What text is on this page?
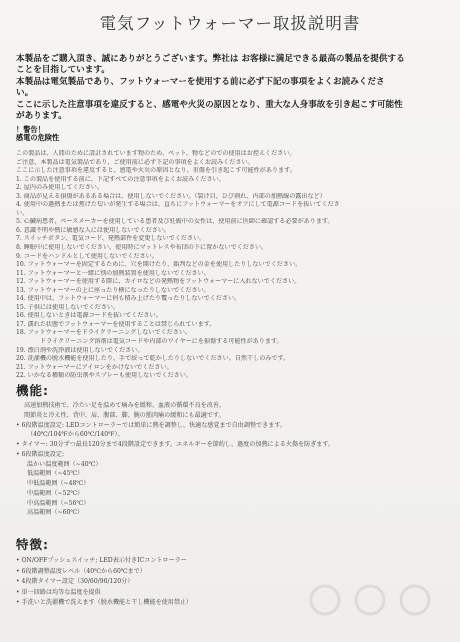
電気フットウォーマー取扱説明書

本製品をご購入頂き、誠にありがとうございます。弊社は お客様に満足できる最高の製品を提供する

ことを目指しています。

本製品は電気製品であり、フットウォーマーを使用する前に必ず下記の事項をよくお読みくださ

い。

ここに示した注意事項を違反すると、感電や火災の原因となり、重大な人身事故を引き起こす可能性

があります。

！警告！
感電の危険性
この製品は、人間のために設計されています物のため、ペット、物などのでの使用はお控えください。
ご注意、本製品は電気製品であり、ご使用前に必ず下記の事項をよくお読みください。
ここに示した注意事項を違反すると、感電や火災の原因となり、重傷を引き起こす可能性があります。
1. この製品を使用する前に、下記すべての注意事項をよくお読みください。
2. 屋内のみ使用してください。
3. 商品が見える損傷があるある場合は、使用しないでください。（裂け目、ひび割れ、内部の加熱線の露出など）
4. 使用中の過熱または焦げた匂いが発生する場合は、直ちにフットウォーマーをオフにして電源コードを抜いてくださ
い。
5. 心臓病患者、ペースメーカーを使用している患者及び妊娠中の女性は、使用前に医師に確認する必要があります。
6. 意識不明や熱に敏感な人には使用しないでください。
7. スイッチボタン、電気コード、発熱部件を変更しないでください。
8. 睡眠中に使用しないでください。使用時にマットレスや布団の下に置かないでください。
9. コードをハンドルとして使用しないでください。
10. フットウォーマーを固定するために、穴を開けたり、鋲判などの金を使用したりしないでください。
11. フットウォーマーと一緒に別の加熱装置を使用しないでください。
12. フットウォーマーを使用する際に、カイロなどの発熱物をフットウォーマーに入れないでください。
13. フットウォーマーの上に座ったり横になったりしないでください。
14. 使用中は、フットウォーマーに何も積み上げたり覆ったりしないでください。
15. 子供には使用しないでください。
16. 使用しないときは電源コードを抜いてください。
17. 濡れた状態でフットウォーマーを使用することは禁じられています。
18. フットウォーマーをドライクリーニングしないでください。
ドライクリーニング溶剤は電気コードや内部のワイヤーにを損傷する可能性があります。
19. 漂白剤や洗浄液は使用しないでください。
20. 洗濯機の脱水機能を使用したり、手で絞って乾かしたりしないでください。自然干しのみです。
21. フットウォーマーにアイロンをかけないでください。
22. いかなる種類の防虫剤やスプレーも使用しないでください。
機能:
高速加熱技術で、冷たい足を温めて痛みを緩和、血液の循環不良を改善。
関節炎と冷え性、背中、肩、腹部、脚、腕の筋肉痛の緩和にも最適です。
• 6段階温度設定: LEDコントローラーでは簡単に熱を調整し、快適な感覚まで自由調整できます。
（40℃/104℉から60℃/140℉）。
• タイマー: 30分ずつ最長120分まで4段階設定できます。エネルギーを節約し、過度の加熱による火傷を防ぎます。
• 6段階温度設定:
温かい温度範囲（~40℃）
低温範囲（~45℃）
中低温範囲（~48℃）
中温範囲（~52℃）
中高温範囲（~56℃）
高温範囲（~60℃）
特徴:
• ON/OFFプッシュスイッチ; LED表示付きICコントローラー
• 6段階調整温度レベル（40℃から60℃まで）
• 4段階タイマー設定（30/60/90/120分）
• 単一回路は均等な温度を提供
• 手洗いと洗濯機で洗えます（脱水機能と干し機能を使用禁止）
